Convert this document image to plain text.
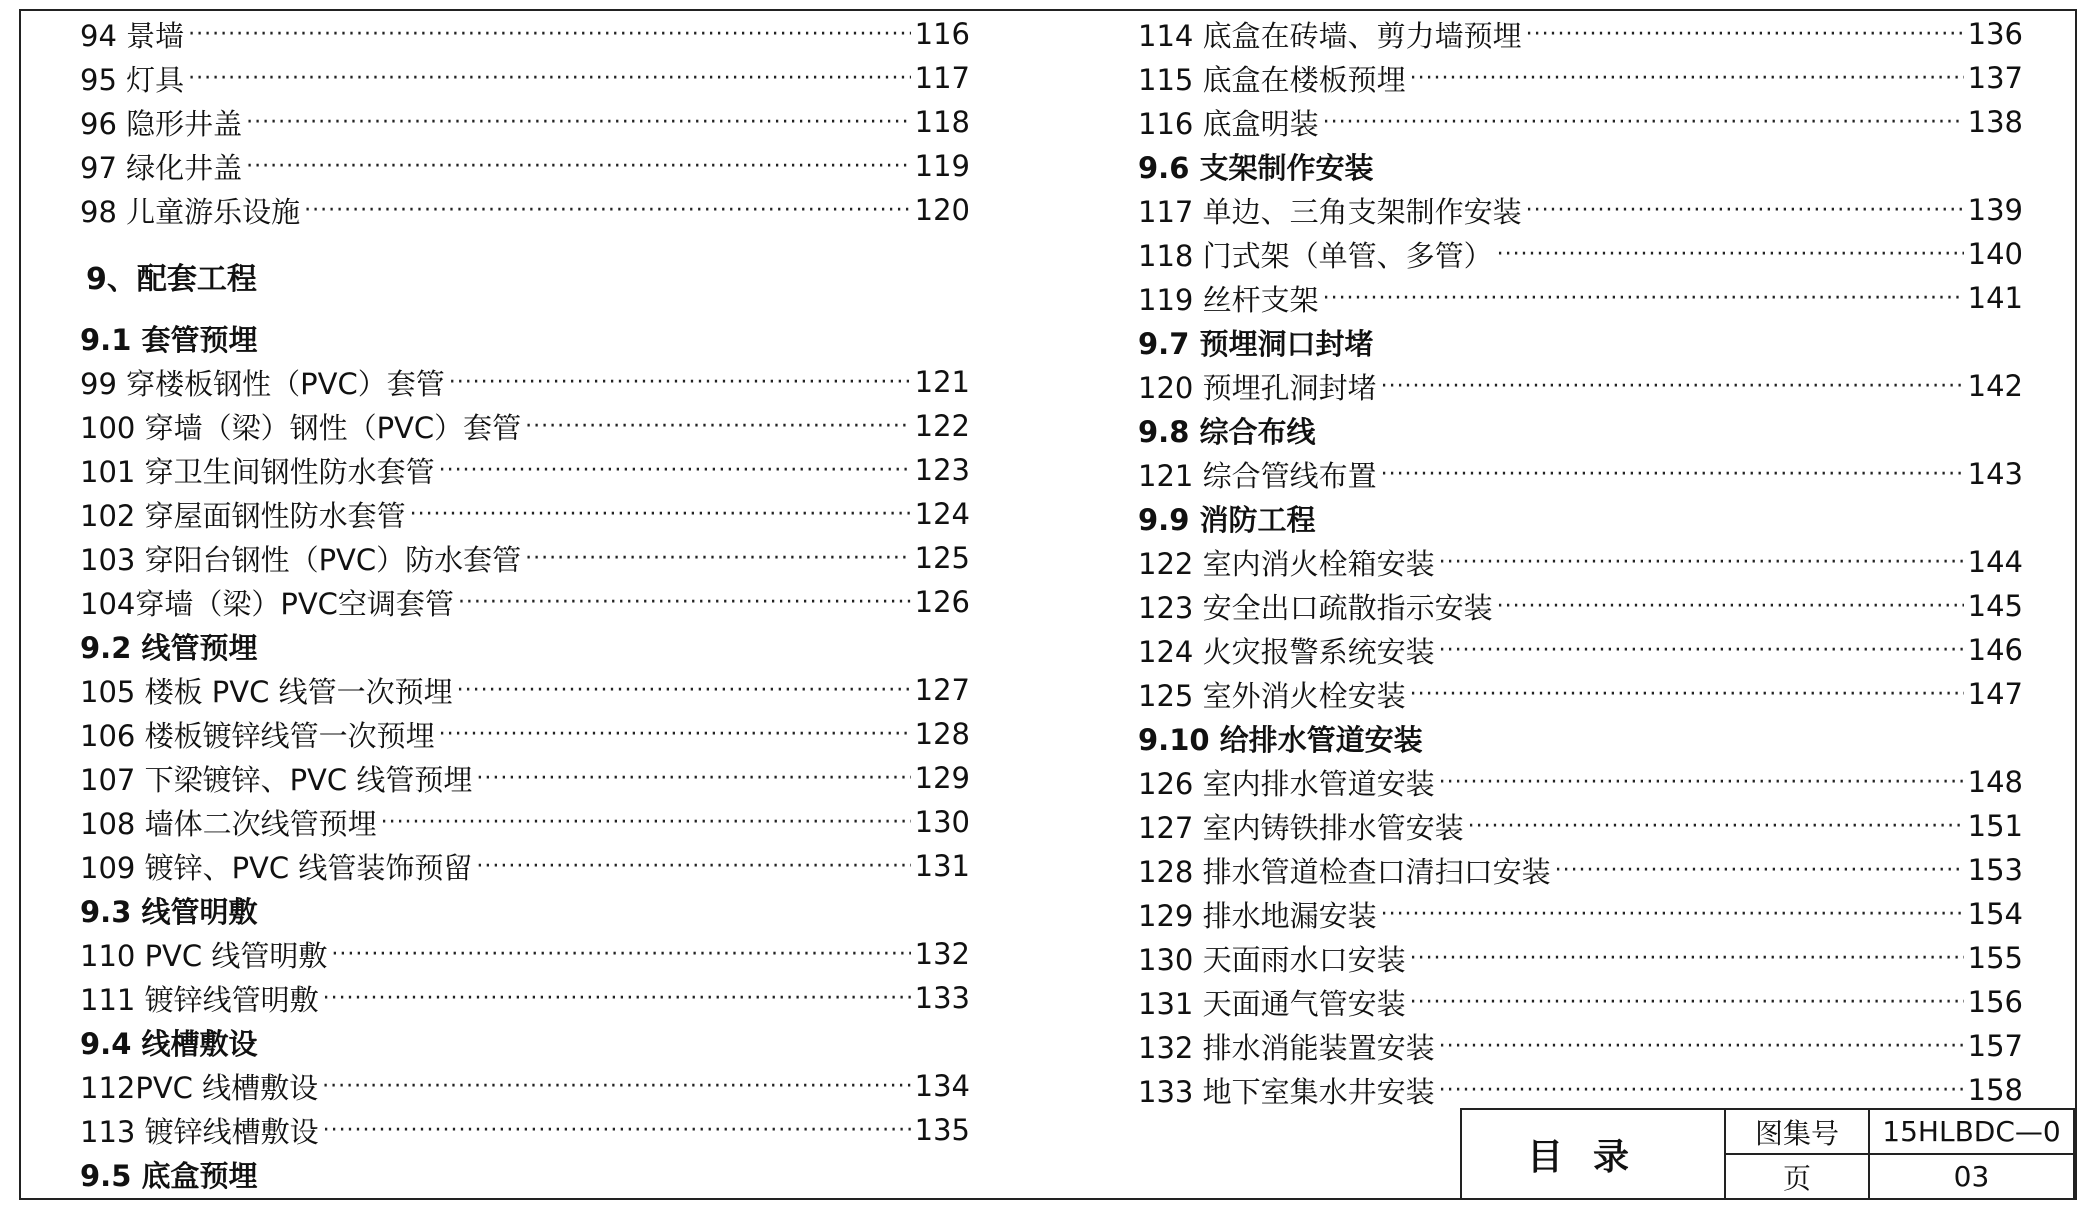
94 景墙 ·····	116
95 灯具 ·····	117
96 隐形井盖 ·····	118
97 绿化井盖 ·····	119
98 儿童游乐设施 ·····	120
9、配套工程
9.1 套管预埋
99 穿楼板钢性（PVC）套管 ·····	121
100 穿墙（梁）钢性（PVC）套管 ·····	122
101 穿卫生间钢性防水套管 ·····	123
102 穿屋面钢性防水套管 ·····	124
103 穿阳台钢性（PVC）防水套管 ·····	125
104穿墙（梁）PVC空调套管 ·····	126
9.2 线管预埋
105 楼板 PVC 线管一次预埋 ·····	127
106 楼板镀锌线管一次预埋 ·····	128
107 下梁镀锌、PVC 线管预埋 ·····	129
108 墙体二次线管预埋 ·····	130
109 镀锌、PVC 线管装饰预留 ·····	131
9.3 线管明敷
110 PVC 线管明敷 ·····	132
111 镀锌线管明敷 ·····	133
9.4 线槽敷设
112PVC 线槽敷设 ·····	134
113 镀锌线槽敷设 ·····	135
9.5 底盒预埋
114 底盒在砖墙、剪力墙预埋 ·····	136
115 底盒在楼板预埋 ·····	137
116 底盒明装 ·····	138
9.6 支架制作安装
117 单边、三角支架制作安装 ·····	139
118 门式架（单管、多管） ·····	140
119 丝杆支架 ·····	141
9.7 预埋洞口封堵
120 预埋孔洞封堵 ·····	142
9.8 综合布线
121 综合管线布置 ·····	143
9.9 消防工程
122 室内消火栓箱安装 ·····	144
123 安全出口疏散指示安装 ·····	145
124 火灾报警系统安装 ·····	146
125 室外消火栓安装 ·····	147
9.10 给排水管道安装
126 室内排水管道安装 ·····	148
127 室内铸铁排水管安装 ·····	151
128 排水管道检查口清扫口安装 ·····	153
129 排水地漏安装 ·····	154
130 天面雨水口安装 ·····	155
131 天面通气管安装 ·····	156
132 排水消能装置安装 ·····	157
133 地下室集水井安装 ·····	158
目录	图集号	15HLBDC—0
	页	03
